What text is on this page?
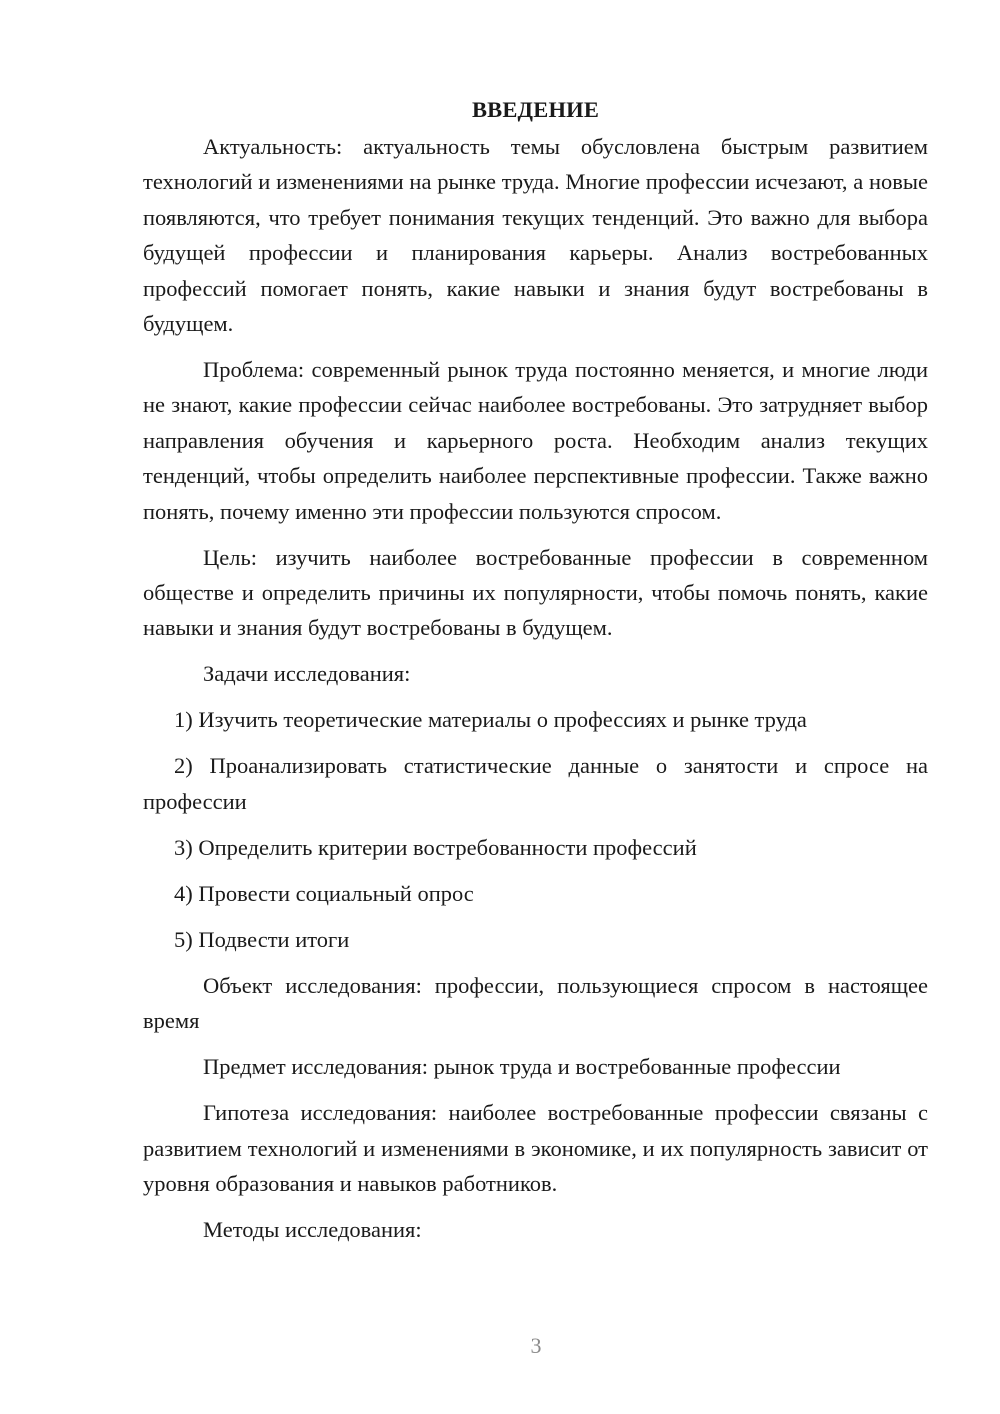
ВВЕДЕНИЕ

Актуальность: актуальность темы обусловлена быстрым развитием технологий и изменениями на рынке труда. Многие профессии исчезают, а новые появляются, что требует понимания текущих тенденций. Это важно для выбора будущей профессии и планирования карьеры. Анализ востребованных профессий помогает понять, какие навыки и знания будут востребованы в будущем.

Проблема: современный рынок труда постоянно меняется, и многие люди не знают, какие профессии сейчас наиболее востребованы. Это затрудняет выбор направления обучения и карьерного роста. Необходим анализ текущих тенденций, чтобы определить наиболее перспективные профессии. Также важно понять, почему именно эти профессии пользуются спросом.

Цель: изучить наиболее востребованные профессии в современном обществе и определить причины их популярности, чтобы помочь понять, какие навыки и знания будут востребованы в будущем.

Задачи исследования:

1) Изучить теоретические материалы о профессиях и рынке труда

2) Проанализировать статистические данные о занятости и спросе на профессии

3) Определить критерии востребованности профессий

4) Провести социальный опрос

5) Подвести итоги

Объект исследования: профессии, пользующиеся спросом в настоящее время

Предмет исследования: рынок труда и востребованные профессии

Гипотеза исследования: наиболее востребованные профессии связаны с развитием технологий и изменениями в экономике, и их популярность зависит от уровня образования и навыков работников.

Методы исследования:

3
